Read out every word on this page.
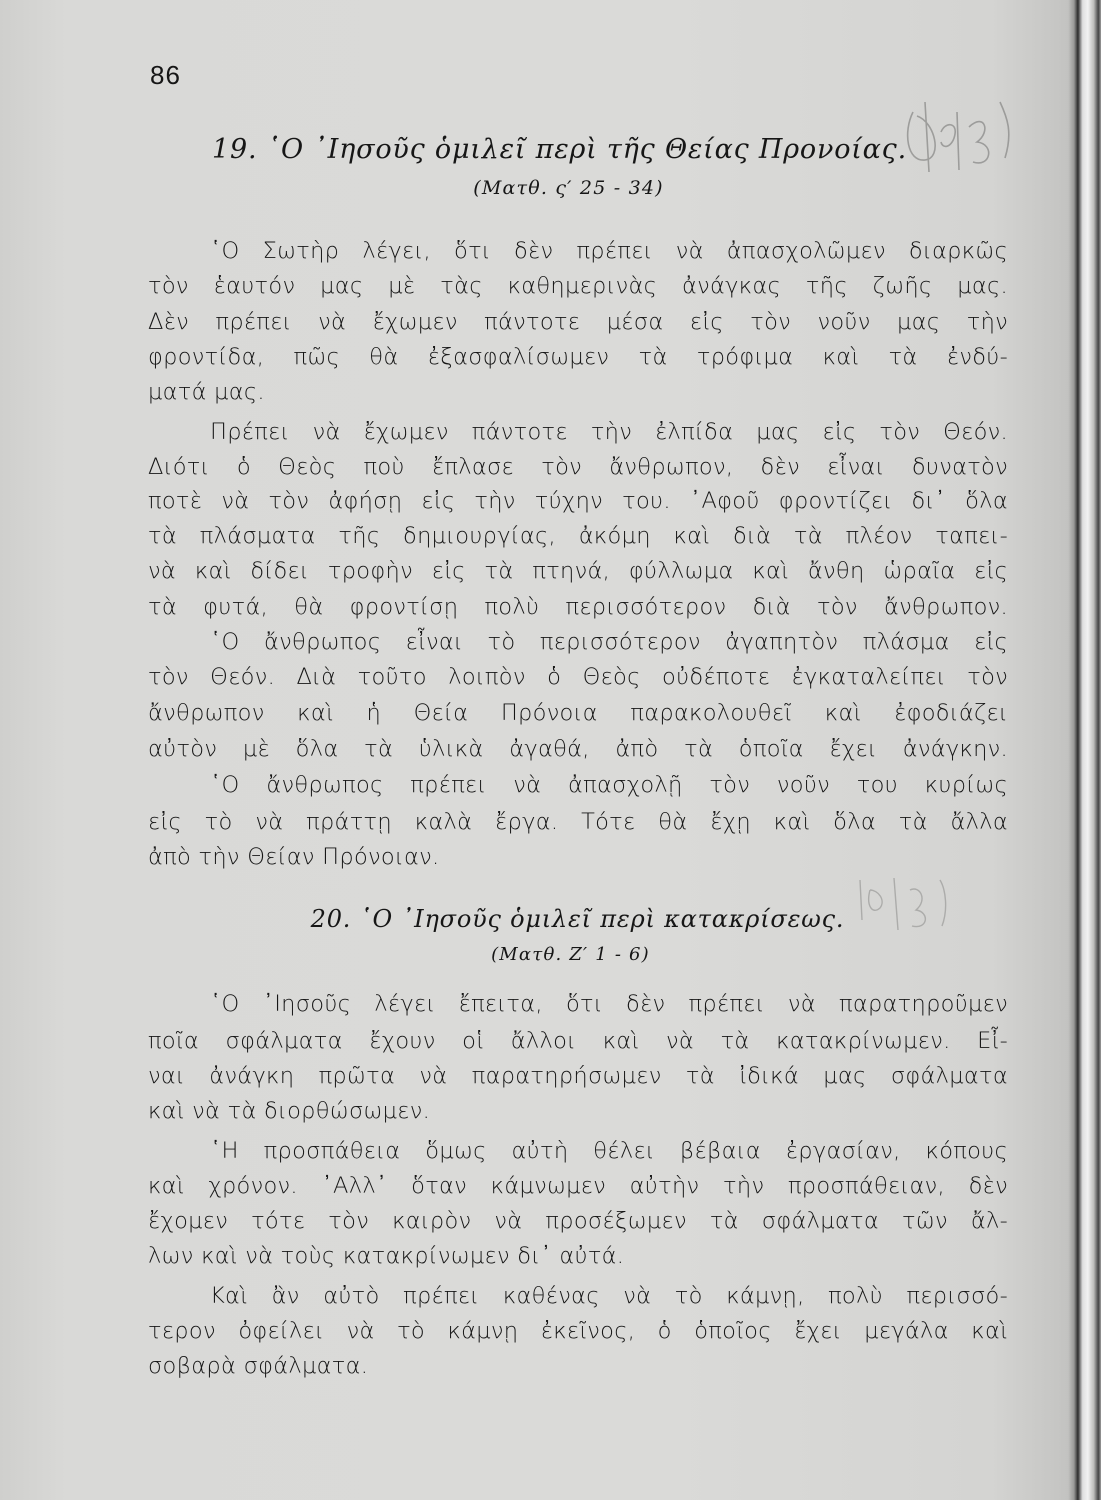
86
19. ῾Ο ᾿Ιησοῦς ὁμιλεῖ περὶ τῆς Θείας Προνοίας.
(Ματθ. ς′ 25 - 34)
῾Ο Σωτὴρ λέγει, ὅτι δὲν πρέπει νὰ ἀπασχολῶμεν διαρκῶς
τὸν ἑαυτόν μας μὲ τὰς καθημερινὰς ἀνάγκας τῆς ζωῆς μας.
Δὲν πρέπει νὰ ἔχωμεν πάντοτε μέσα εἰς τὸν νοῦν μας τὴν
φροντίδα, πῶς θὰ ἐξασφαλίσωμεν τὰ τρόφιμα καὶ τὰ ἐνδύ-
ματά μας.
Πρέπει νὰ ἔχωμεν πάντοτε τὴν ἐλπίδα μας εἰς τὸν Θεόν.
Διότι ὁ Θεὸς ποὺ ἔπλασε τὸν ἄνθρωπον, δὲν εἶναι δυνατὸν
ποτὲ νὰ τὸν ἀφήσῃ εἰς τὴν τύχην του. ᾿Αφοῦ φροντίζει δι᾿ ὅλα
τὰ πλάσματα τῆς δημιουργίας, ἀκόμη καὶ διὰ τὰ πλέον ταπει-
νὰ καὶ δίδει τροφὴν εἰς τὰ πτηνά, φύλλωμα καὶ ἄνθη ὡραῖα εἰς
τὰ φυτά, θὰ φροντίσῃ πολὺ περισσότερον διὰ τὸν ἄνθρωπον.
῾Ο ἄνθρωπος εἶναι τὸ περισσότερον ἀγαπητὸν πλάσμα εἰς
τὸν Θεόν. Διὰ τοῦτο λοιπὸν ὁ Θεὸς οὐδέποτε ἐγκαταλείπει τὸν
ἄνθρωπον καὶ ἡ Θεία Πρόνοια παρακολουθεῖ καὶ ἐφοδιάζει
αὐτὸν μὲ ὅλα τὰ ὑλικὰ ἀγαθά, ἀπὸ τὰ ὁποῖα ἔχει ἀνάγκην.
῾Ο ἄνθρωπος πρέπει νὰ ἀπασχολῇ τὸν νοῦν του κυρίως
εἰς τὸ νὰ πράττῃ καλὰ ἔργα. Τότε θὰ ἔχῃ καὶ ὅλα τὰ ἄλλα
ἀπὸ τὴν Θείαν Πρόνοιαν.
20. ῾Ο ᾿Ιησοῦς ὁμιλεῖ περὶ κατακρίσεως.
(Ματθ. Ζ′ 1 - 6)
῾Ο ᾿Ιησοῦς λέγει ἔπειτα, ὅτι δὲν πρέπει νὰ παρατηροῦμεν
ποῖα σφάλματα ἔχουν οἱ ἄλλοι καὶ νὰ τὰ κατακρίνωμεν. Εἶ-
ναι ἀνάγκη πρῶτα νὰ παρατηρήσωμεν τὰ ἰδικά μας σφάλματα
καὶ νὰ τὰ διορθώσωμεν.
῾Η προσπάθεια ὅμως αὐτὴ θέλει βέβαια ἐργασίαν, κόπους
καὶ χρόνον. ᾿Αλλ᾿ ὅταν κάμνωμεν αὐτὴν τὴν προσπάθειαν, δὲν
ἔχομεν τότε τὸν καιρὸν νὰ προσέξωμεν τὰ σφάλματα τῶν ἄλ-
λων καὶ νὰ τοὺς κατακρίνωμεν δι᾿ αὐτά.
Καὶ ἂν αὐτὸ πρέπει καθένας νὰ τὸ κάμνῃ, πολὺ περισσό-
τερον ὀφείλει νὰ τὸ κάμνῃ ἐκεῖνος, ὁ ὁποῖος ἔχει μεγάλα καὶ
σοβαρὰ σφάλματα.
